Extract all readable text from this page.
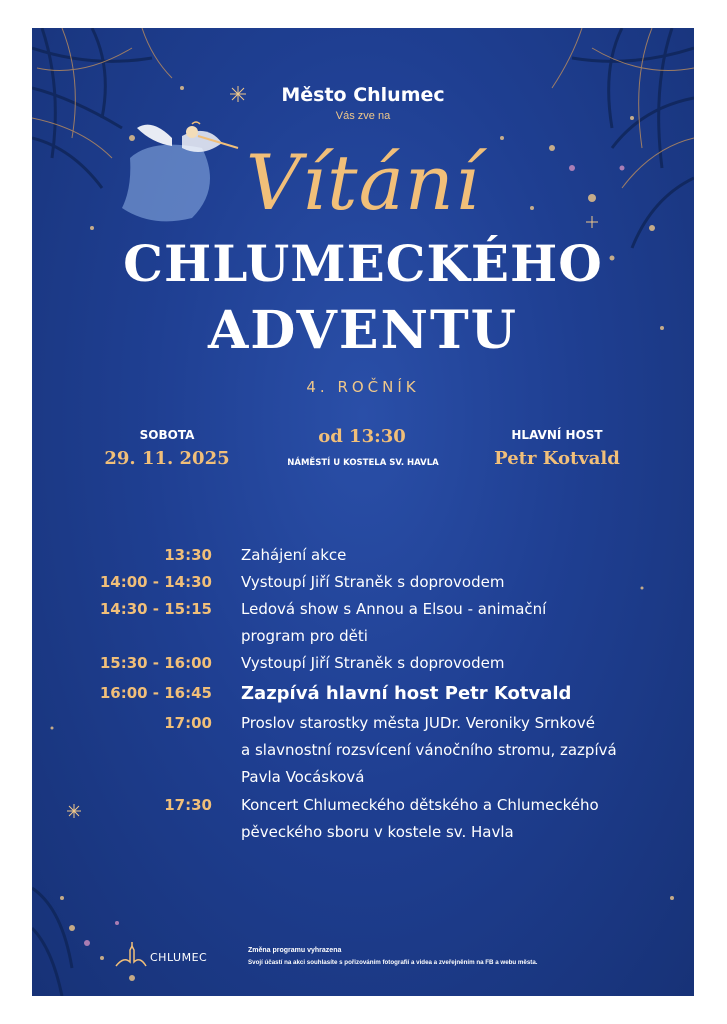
Město Chlumec
Vás zve na
Vítání
CHLUMECKÉHO
ADVENTU
4. ROČNÍK
SOBOTA
29. 11. 2025
od 13:30
NÁMĚSTÍ U KOSTELA SV. HAVLA
HLAVNÍ HOST
Petr Kotvald
13:30 Zahájení akce
14:00 - 14:30 Vystoupí Jiří Straněk s doprovodem
14:30 - 15:15 Ledová show s Annou a Elsou - animační
program pro děti
15:30 - 16:00 Vystoupí Jiří Straněk s doprovodem
16:00 - 16:45 Zazpívá hlavní host Petr Kotvald
17:00 Proslov starostky města JUDr. Veroniky Srnkové
a slavnostní rozsvícení vánočního stromu, zazpívá
Pavla Vocásková
17:30 Koncert Chlumeckého dětského a Chlumeckého
pěveckého sboru v kostele sv. Havla
CHLUMEC
Změna programu vyhrazena
Svojí účastí na akci souhlasíte s pořizováním fotografií a videa a zveřejněním na FB a webu města.
